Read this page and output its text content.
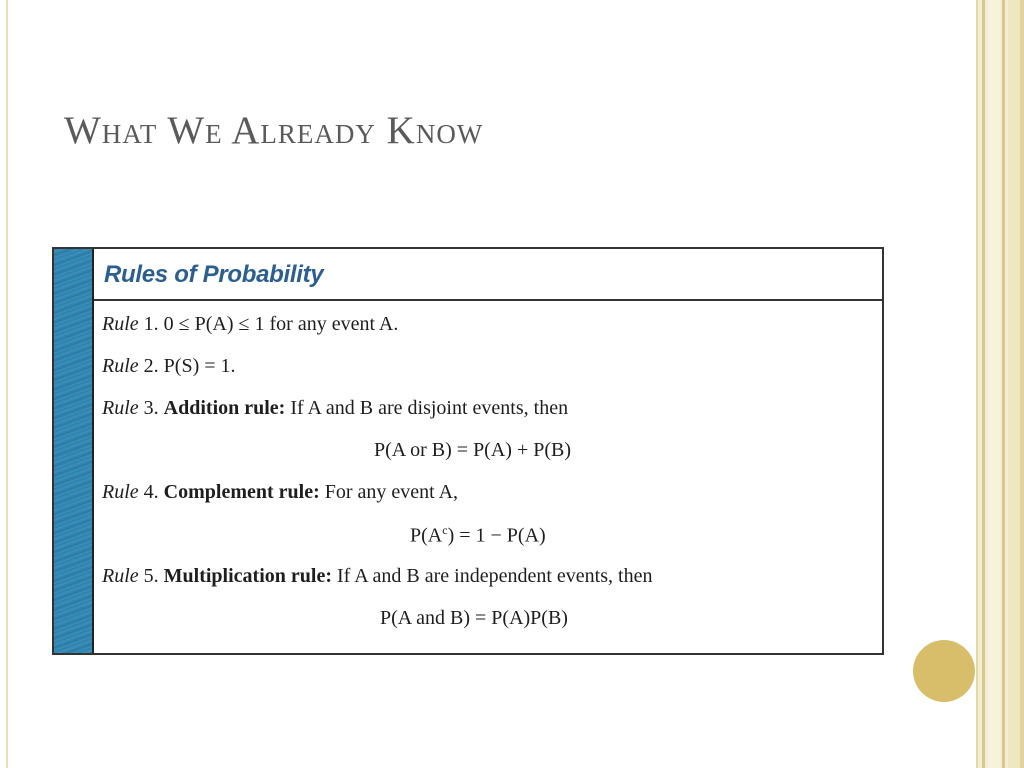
What We Already Know
Rules of Probability
Rule 1. 0 ≤ P(A) ≤ 1 for any event A.
Rule 2. P(S) = 1.
Rule 3. Addition rule: If A and B are disjoint events, then
P(A or B) = P(A) + P(B)
Rule 4. Complement rule: For any event A,
$P(A^c) = 1 - P(A)$
Rule 5. Multiplication rule: If A and B are independent events, then
P(A and B) = P(A)P(B)
